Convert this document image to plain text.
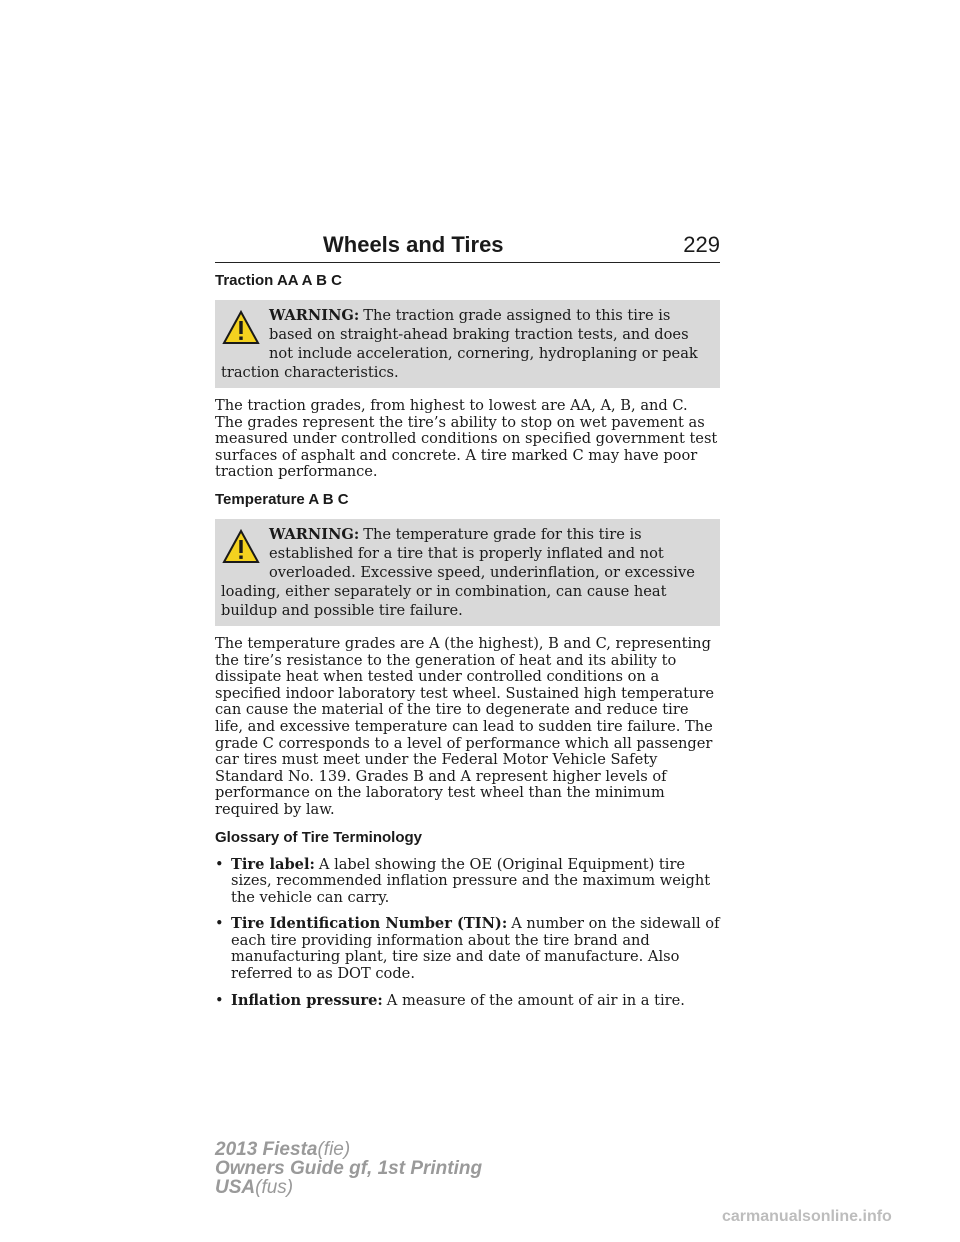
Wheels and Tires	229
Traction AA A B C
WARNING: The traction grade assigned to this tire is based on straight-ahead braking traction tests, and does not include acceleration, cornering, hydroplaning or peak traction characteristics.

The traction grades, from highest to lowest are AA, A, B, and C. The grades represent the tire’s ability to stop on wet pavement as measured under controlled conditions on specified government test surfaces of asphalt and concrete. A tire marked C may have poor traction performance.

Temperature A B C
WARNING: The temperature grade for this tire is established for a tire that is properly inflated and not overloaded. Excessive speed, underinflation, or excessive loading, either separately or in combination, can cause heat buildup and possible tire failure.

The temperature grades are A (the highest), B and C, representing the tire’s resistance to the generation of heat and its ability to dissipate heat when tested under controlled conditions on a specified indoor laboratory test wheel. Sustained high temperature can cause the material of the tire to degenerate and reduce tire life, and excessive temperature can lead to sudden tire failure. The grade C corresponds to a level of performance which all passenger car tires must meet under the Federal Motor Vehicle Safety Standard No. 139. Grades B and A represent higher levels of performance on the laboratory test wheel than the minimum required by law.

Glossary of Tire Terminology
• Tire label: A label showing the OE (Original Equipment) tire sizes, recommended inflation pressure and the maximum weight the vehicle can carry.
• Tire Identification Number (TIN): A number on the sidewall of each tire providing information about the tire brand and manufacturing plant, tire size and date of manufacture. Also referred to as DOT code.
• Inflation pressure: A measure of the amount of air in a tire.
2013 Fiesta(fie)
Owners Guide gf, 1st Printing
USA(fus)
carmanualsonline.info
